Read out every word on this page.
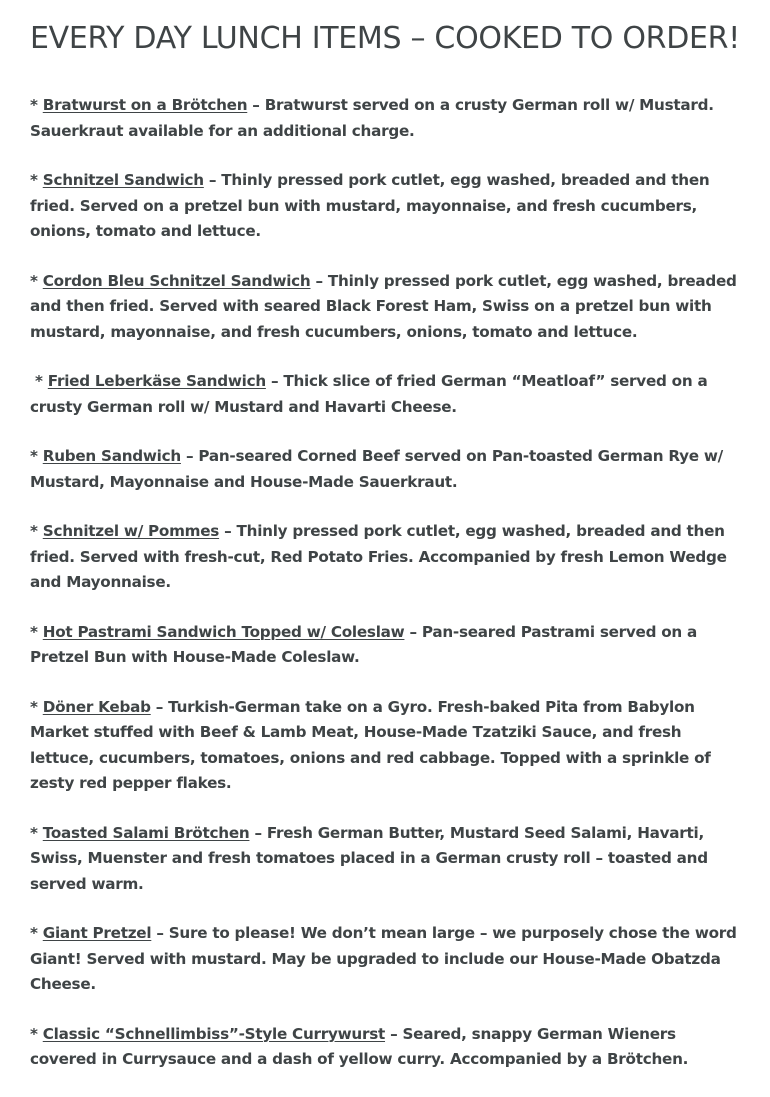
EVERY DAY LUNCH ITEMS – COOKED TO ORDER!

* Bratwurst on a Brötchen – Bratwurst served on a crusty German roll w/ Mustard. Sauerkraut available for an additional charge.

* Schnitzel Sandwich – Thinly pressed pork cutlet, egg washed, breaded and then fried. Served on a pretzel bun with mustard, mayonnaise, and fresh cucumbers, onions, tomato and lettuce.

* Cordon Bleu Schnitzel Sandwich – Thinly pressed pork cutlet, egg washed, breaded and then fried. Served with seared Black Forest Ham, Swiss on a pretzel bun with mustard, mayonnaise, and fresh cucumbers, onions, tomato and lettuce.

* Fried Leberkäse Sandwich – Thick slice of fried German “Meatloaf” served on a crusty German roll w/ Mustard and Havarti Cheese.

* Ruben Sandwich – Pan-seared Corned Beef served on Pan-toasted German Rye w/ Mustard, Mayonnaise and House-Made Sauerkraut.

* Schnitzel w/ Pommes – Thinly pressed pork cutlet, egg washed, breaded and then fried. Served with fresh-cut, Red Potato Fries. Accompanied by fresh Lemon Wedge and Mayonnaise.

* Hot Pastrami Sandwich Topped w/ Coleslaw – Pan-seared Pastrami served on a Pretzel Bun with House-Made Coleslaw.

* Döner Kebab – Turkish-German take on a Gyro. Fresh-baked Pita from Babylon Market stuffed with Beef & Lamb Meat, House-Made Tzatziki Sauce, and fresh lettuce, cucumbers, tomatoes, onions and red cabbage. Topped with a sprinkle of zesty red pepper flakes.

* Toasted Salami Brötchen – Fresh German Butter, Mustard Seed Salami, Havarti, Swiss, Muenster and fresh tomatoes placed in a German crusty roll – toasted and served warm.

* Giant Pretzel – Sure to please! We don’t mean large – we purposely chose the word Giant! Served with mustard. May be upgraded to include our House-Made Obatzda Cheese.

* Classic “Schnellimbiss”-Style Currywurst – Seared, snappy German Wieners covered in Currysauce and a dash of yellow curry. Accompanied by a Brötchen.
